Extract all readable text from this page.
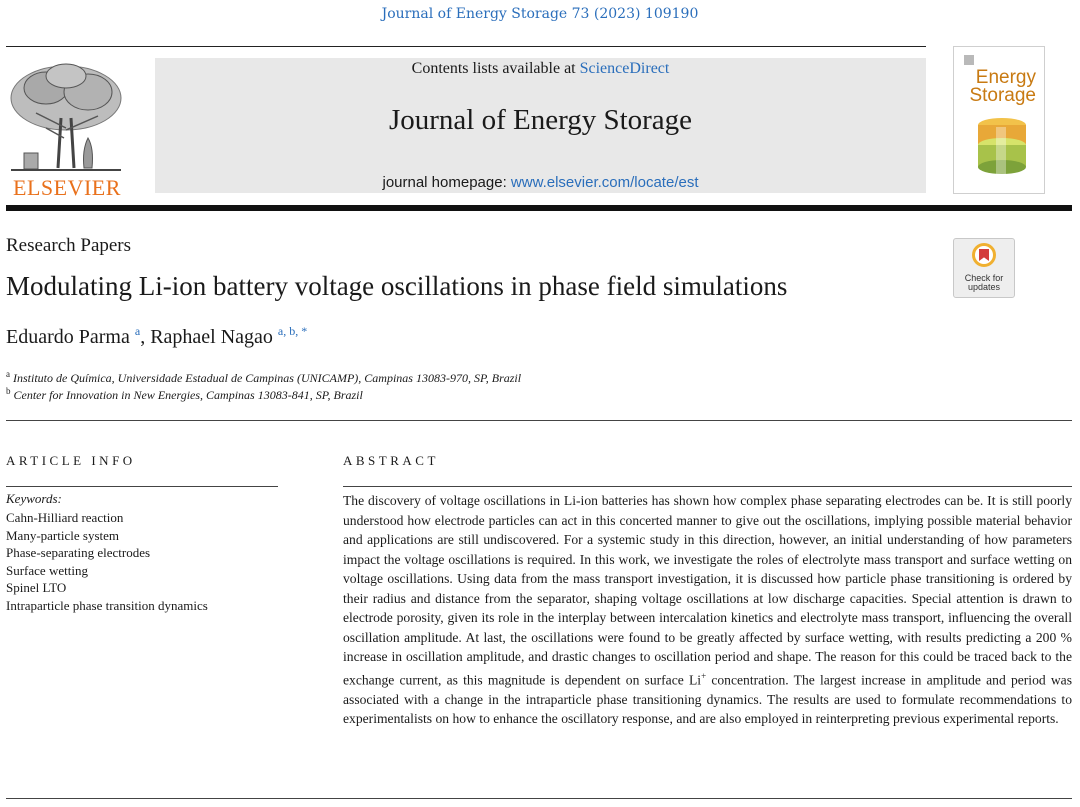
Journal of Energy Storage 73 (2023) 109190
ELSEVIER
Contents lists available at ScienceDirect
Journal of Energy Storage
journal homepage: www.elsevier.com/locate/est
Energy
Storage
Research Papers
Modulating Li-ion battery voltage oscillations in phase field simulations	Check for
updates
Eduardo Parma $^a$, Raphael Nagao $^{a, b, *}$
$^a$ Instituto de Química, Universidade Estadual de Campinas (UNICAMP), Campinas 13083-970, SP, Brazil
$^b$ Center for Innovation in New Energies, Campinas 13083-841, SP, Brazil
ARTICLE INFO	ABSTRACT
Keywords:
Cahn-Hilliard reaction
Many-particle system
Phase-separating electrodes
Surface wetting
Spinel LTO
Intraparticle phase transition dynamics

The discovery of voltage oscillations in Li-ion batteries has shown how complex phase separating electrodes can be. It is still poorly understood how electrode particles can act in this concerted manner to give out the oscillations, implying possible material behavior and applications are still undiscovered. For a systemic study in this direction, however, an initial understanding of how parameters impact the voltage oscillations is required. In this work, we investigate the roles of electrolyte mass transport and surface wetting on voltage oscillations. Using data from the mass transport investigation, it is discussed how particle phase transitioning is ordered by their radius and distance from the separator, shaping voltage oscillations at low discharge capacities. Special attention is drawn to electrode porosity, given its role in the interplay between intercalation kinetics and electrolyte mass transport, influencing the overall oscillation amplitude. At last, the oscillations were found to be greatly affected by surface wetting, with results predicting a 200 % increase in oscillation amplitude, and drastic changes to oscillation period and shape. The reason for this could be traced back to the exchange current, as this magnitude is dependent on surface Li+ concentration. The largest increase in amplitude and period was associated with a change in the intraparticle phase transitioning dynamics. The results are used to formulate recommendations to experimentalists on how to enhance the oscillatory response, and are also employed in reinterpreting previous experimental reports.
